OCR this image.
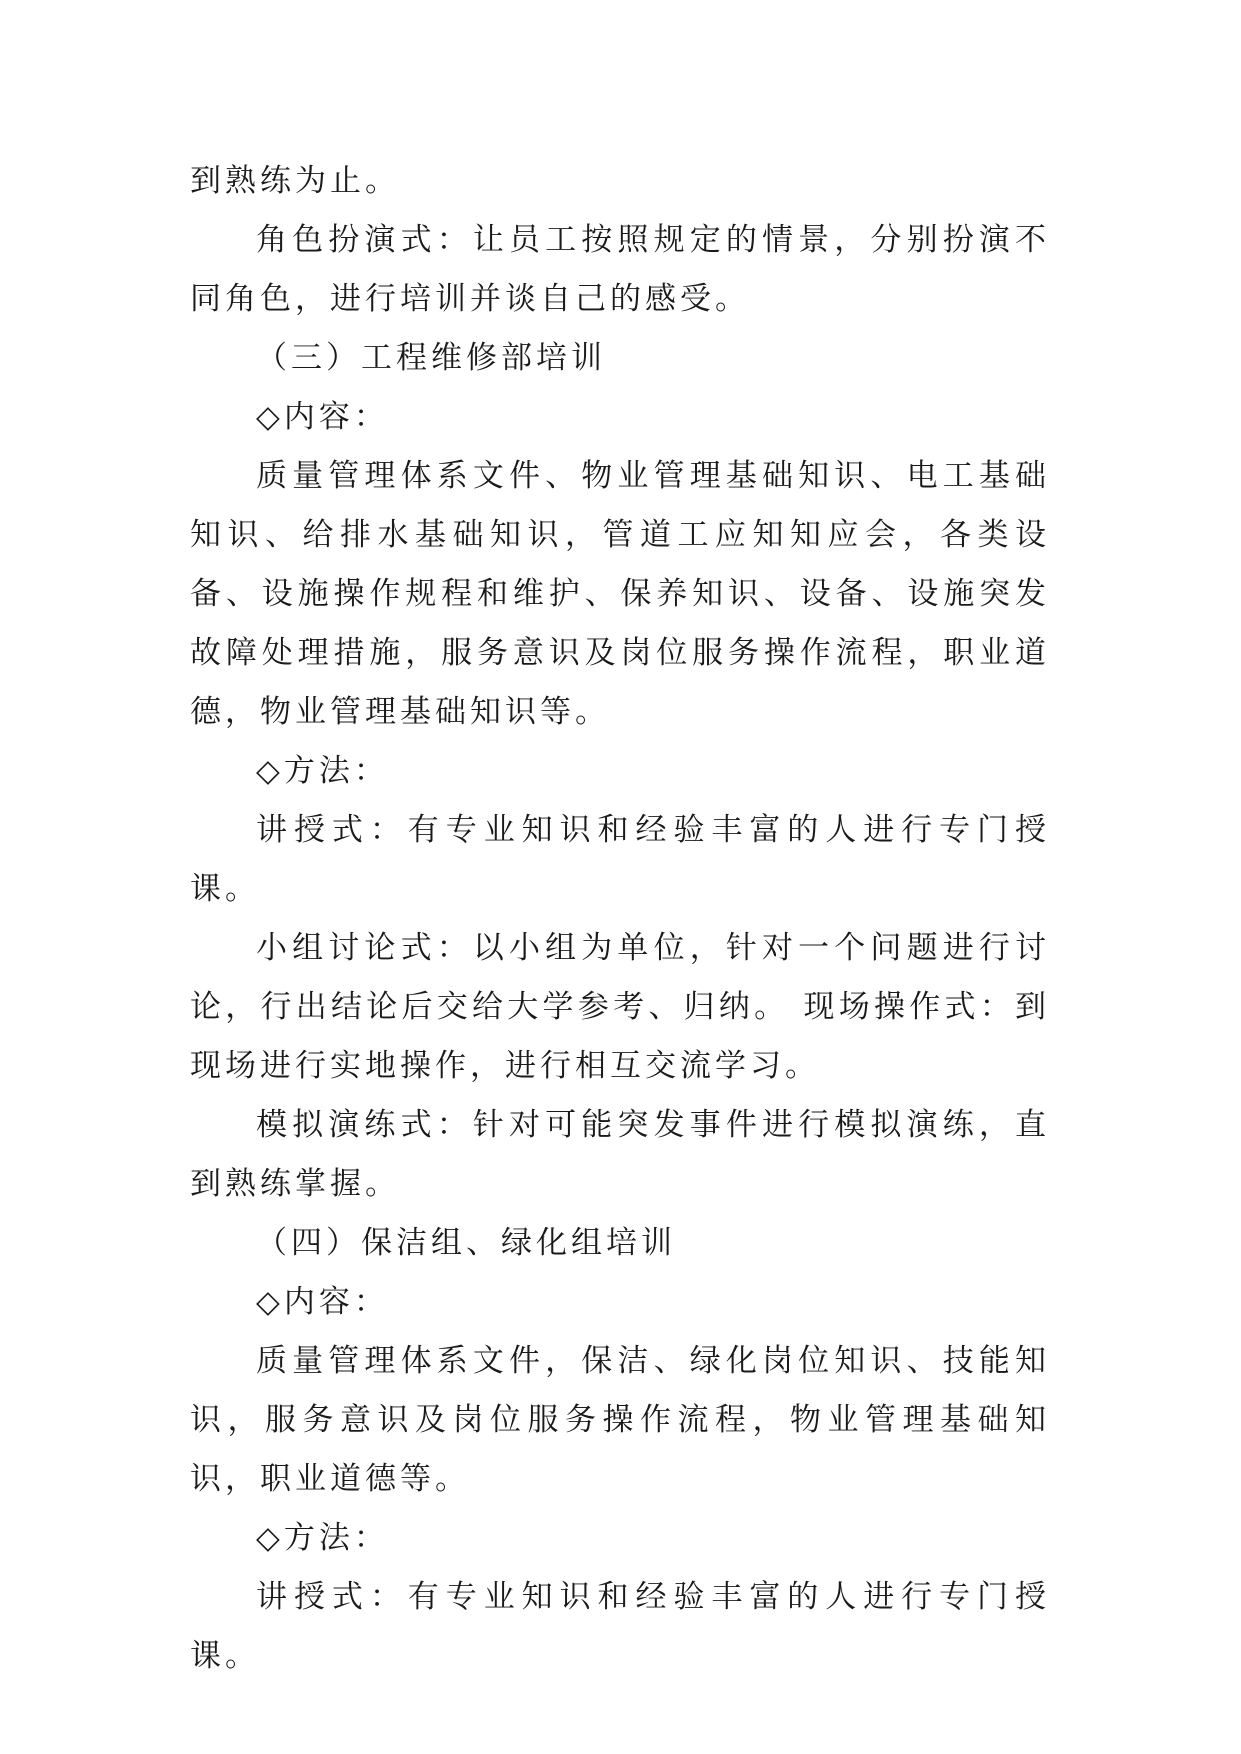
到熟练为止。

角色扮演式：让员工按照规定的情景，分别扮演不同角色，进行培训并谈自己的感受。

（三）工程维修部培训

◇内容：

质量管理体系文件、物业管理基础知识、电工基础知识、给排水基础知识，管道工应知知应会，各类设备、设施操作规程和维护、保养知识、设备、设施突发故障处理措施，服务意识及岗位服务操作流程，职业道德，物业管理基础知识等。

◇方法：

讲授式：有专业知识和经验丰富的人进行专门授课。

小组讨论式：以小组为单位，针对一个问题进行讨论，行出结论后交给大学参考、归纳。 现场操作式：到现场进行实地操作，进行相互交流学习。

模拟演练式：针对可能突发事件进行模拟演练，直到熟练掌握。

（四）保洁组、绿化组培训

◇内容：

质量管理体系文件，保洁、绿化岗位知识、技能知识，服务意识及岗位服务操作流程，物业管理基础知识，职业道德等。

◇方法：

讲授式：有专业知识和经验丰富的人进行专门授课。
